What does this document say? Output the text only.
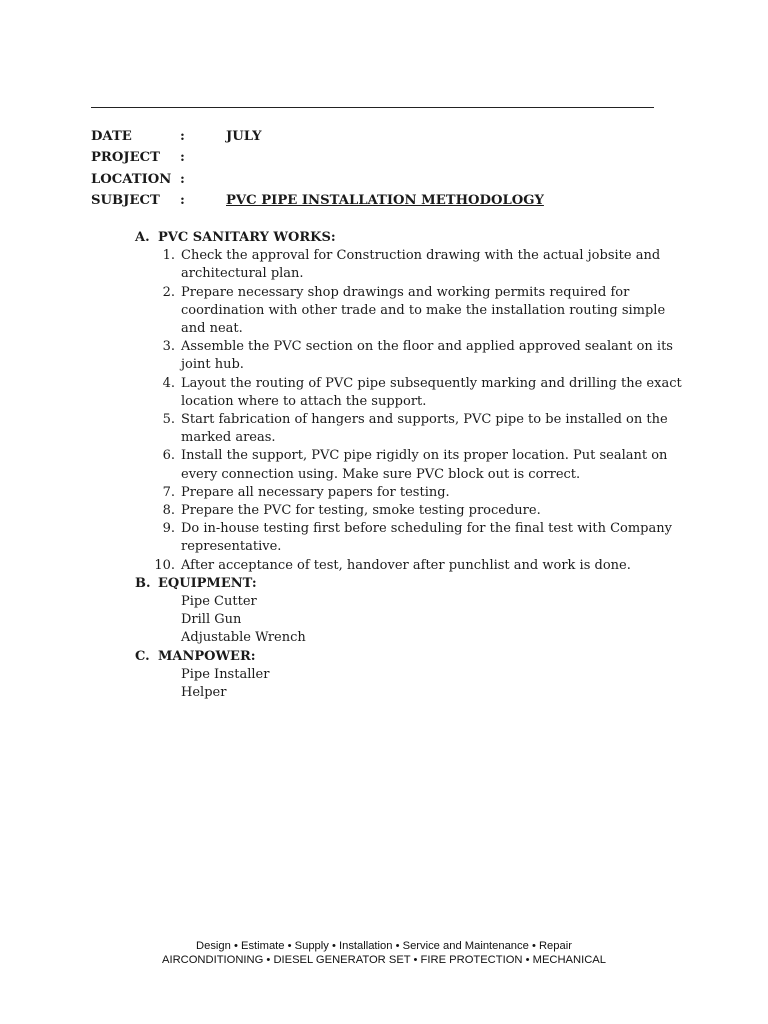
DATE	:	JULY
PROJECT :
LOCATION :
SUBJECT :	PVC PIPE INSTALLATION METHODOLOGY
A. PVC SANITARY WORKS:
1. Check the approval for Construction drawing with the actual jobsite and
architectural plan.
2. Prepare necessary shop drawings and working permits required for
coordination with other trade and to make the installation routing simple
and neat.
3. Assemble the PVC section on the floor and applied approved sealant on its
joint hub.
4. Layout the routing of PVC pipe subsequently marking and drilling the exact
location where to attach the support.
5. Start fabrication of hangers and supports, PVC pipe to be installed on the
marked areas.
6. Install the support, PVC pipe rigidly on its proper location. Put sealant on
every connection using. Make sure PVC block out is correct.
7. Prepare all necessary papers for testing.
8. Prepare the PVC for testing, smoke testing procedure.
9. Do in-house testing first before scheduling for the final test with Company
representative.
10. After acceptance of test, handover after punchlist and work is done.
B. EQUIPMENT:
Pipe Cutter
Drill Gun
Adjustable Wrench
C. MANPOWER:
Pipe Installer
Helper
Design • Estimate • Supply • Installation • Service and Maintenance • Repair
AIRCONDITIONING • DIESEL GENERATOR SET • FIRE PROTECTION • MECHANICAL
